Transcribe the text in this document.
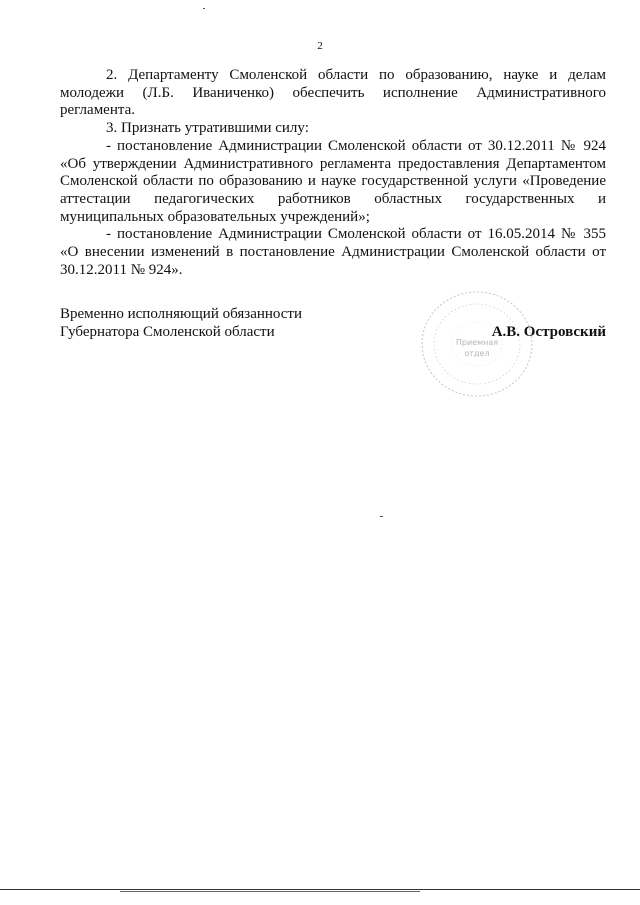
2

2. Департаменту Смоленской области по образованию, науке и делам молодежи (Л.Б. Иваниченко) обеспечить исполнение Административного регламента.

3. Признать утратившими силу:

- постановление Администрации Смоленской области от 30.12.2011 № 924 «Об утверждении Административного регламента предоставления Департаментом Смоленской области по образованию и науке государственной услуги «Проведение аттестации педагогических работников областных государственных и муниципальных образовательных учреждений»;

- постановление Администрации Смоленской области от 16.05.2014 № 355 «О внесении изменений в постановление Администрации Смоленской области от 30.12.2011 № 924».

Приемная
отдел
Временно исполняющий обязанности
Губернатора Смоленской области	А.В. Островский
